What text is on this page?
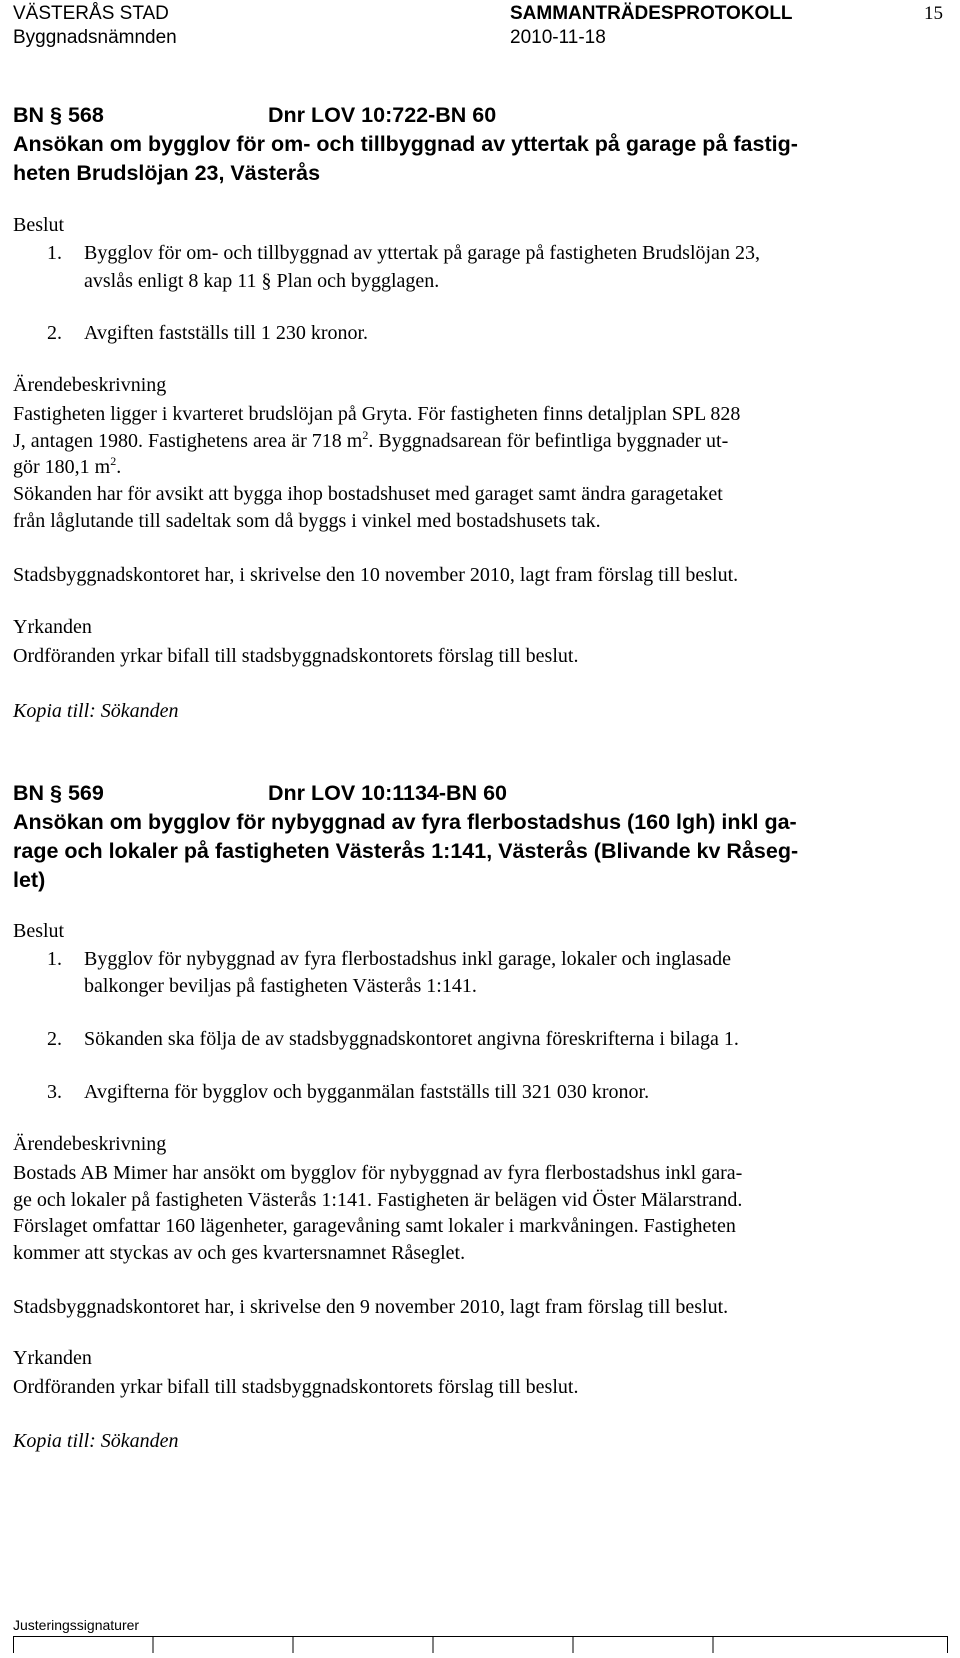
VÄSTERÅS STAD
Byggnadsnämnden
SAMMANTRÄDESPROTOKOLL
2010-11-18
15
BN § 568	Dnr LOV 10:722-BN 60
Ansökan om bygglov för om- och tillbyggnad av yttertak på garage på fastig-
heten Brudslöjan 23, Västerås
Beslut
1. Bygglov för om- och tillbyggnad av yttertak på garage på fastigheten Brudslöjan 23,
avslås enligt 8 kap 11 § Plan och bygglagen.
2. Avgiften fastställs till 1 230 kronor.
Ärendebeskrivning
Fastigheten ligger i kvarteret brudslöjan på Gryta. För fastigheten finns detaljplan SPL 828
J, antagen 1980. Fastighetens area är 718 $m^2$. Byggnadsarean för befintliga byggnader ut-
gör 180,1 $m^2$.
Sökanden har för avsikt att bygga ihop bostadshuset med garaget samt ändra garagetaket
från låglutande till sadeltak som då byggs i vinkel med bostadshusets tak.
Stadsbyggnadskontoret har, i skrivelse den 10 november 2010, lagt fram förslag till beslut.
Yrkanden
Ordföranden yrkar bifall till stadsbyggnadskontorets förslag till beslut.
Kopia till: Sökanden
BN § 569	Dnr LOV 10:1134-BN 60
Ansökan om bygglov för nybyggnad av fyra flerbostadshus (160 lgh) inkl ga-
rage och lokaler på fastigheten Västerås 1:141, Västerås (Blivande kv Råseg-
let)
Beslut
1. Bygglov för nybyggnad av fyra flerbostadshus inkl garage, lokaler och inglasade
balkonger beviljas på fastigheten Västerås 1:141.
2. Sökanden ska följa de av stadsbyggnadskontoret angivna föreskrifterna i bilaga 1.
3. Avgifterna för bygglov och bygganmälan fastställs till 321 030 kronor.
Ärendebeskrivning
Bostads AB Mimer har ansökt om bygglov för nybyggnad av fyra flerbostadshus inkl gara-
ge och lokaler på fastigheten Västerås 1:141. Fastigheten är belägen vid Öster Mälarstrand.
Förslaget omfattar 160 lägenheter, garagevåning samt lokaler i markvåningen. Fastigheten
kommer att styckas av och ges kvartersnamnet Råseglet.
Stadsbyggnadskontoret har, i skrivelse den 9 november 2010, lagt fram förslag till beslut.
Yrkanden
Ordföranden yrkar bifall till stadsbyggnadskontorets förslag till beslut.
Kopia till: Sökanden
Justeringssignaturer
